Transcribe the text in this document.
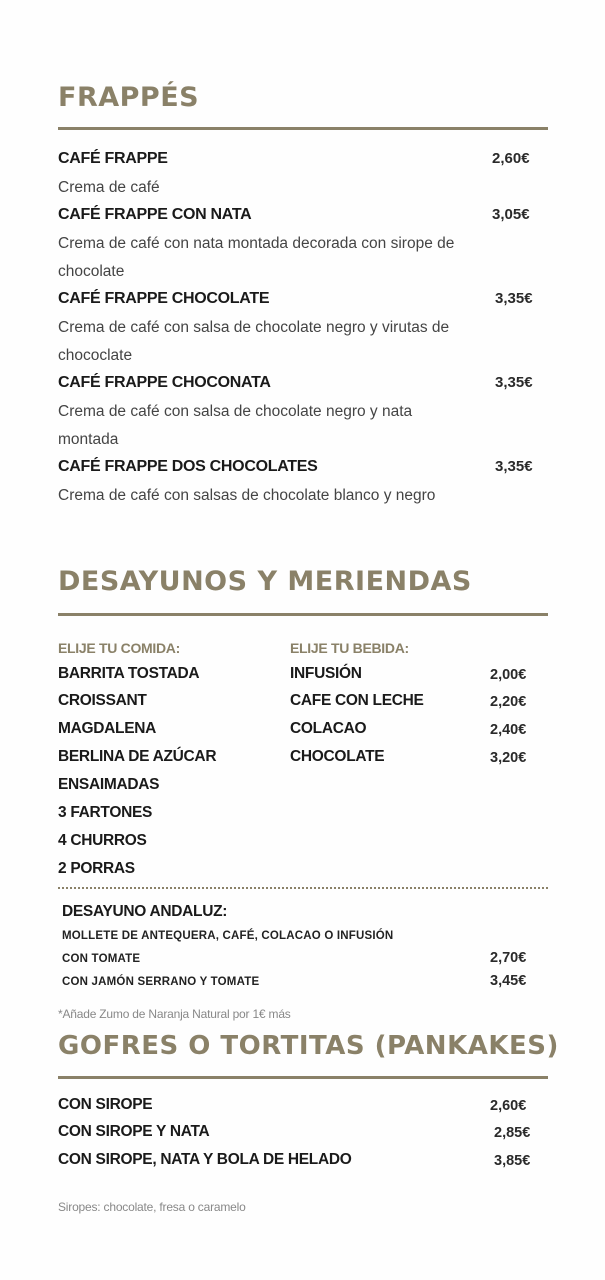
FRAPPÉS
CAFÉ FRAPPE	2,60€
Crema de café
CAFÉ FRAPPE CON NATA	3,05€
Crema de café con nata montada decorada con sirope de chocolate
CAFÉ FRAPPE CHOCOLATE	3,35€
Crema de café con salsa de chocolate negro y virutas de chococlate
CAFÉ FRAPPE CHOCONATA	3,35€
Crema de café con salsa de chocolate negro y nata montada
CAFÉ FRAPPE DOS CHOCOLATES	3,35€
Crema de café con salsas de chocolate blanco y negro
DESAYUNOS Y MERIENDAS
ELIJE TU COMIDA:	ELIJE TU BEBIDA:
BARRITA TOSTADA
CROISSANT
MAGDALENA
BERLINA DE AZÚCAR
ENSAIMADAS
3 FARTONES
4 CHURROS
2 PORRAS
INFUSIÓN	2,00€
CAFE CON LECHE	2,20€
COLACAO	2,40€
CHOCOLATE	3,20€
DESAYUNO ANDALUZ:
MOLLETE DE ANTEQUERA, CAFÉ, COLACAO O INFUSIÓN
CON TOMATE	2,70€
CON JAMÓN SERRANO Y TOMATE	3,45€
*Añade Zumo de Naranja Natural por 1€ más
GOFRES O TORTITAS (PANKAKES)
CON SIROPE	2,60€
CON SIROPE Y NATA	2,85€
CON SIROPE, NATA Y BOLA DE HELADO	3,85€
Siropes: chocolate, fresa o caramelo
